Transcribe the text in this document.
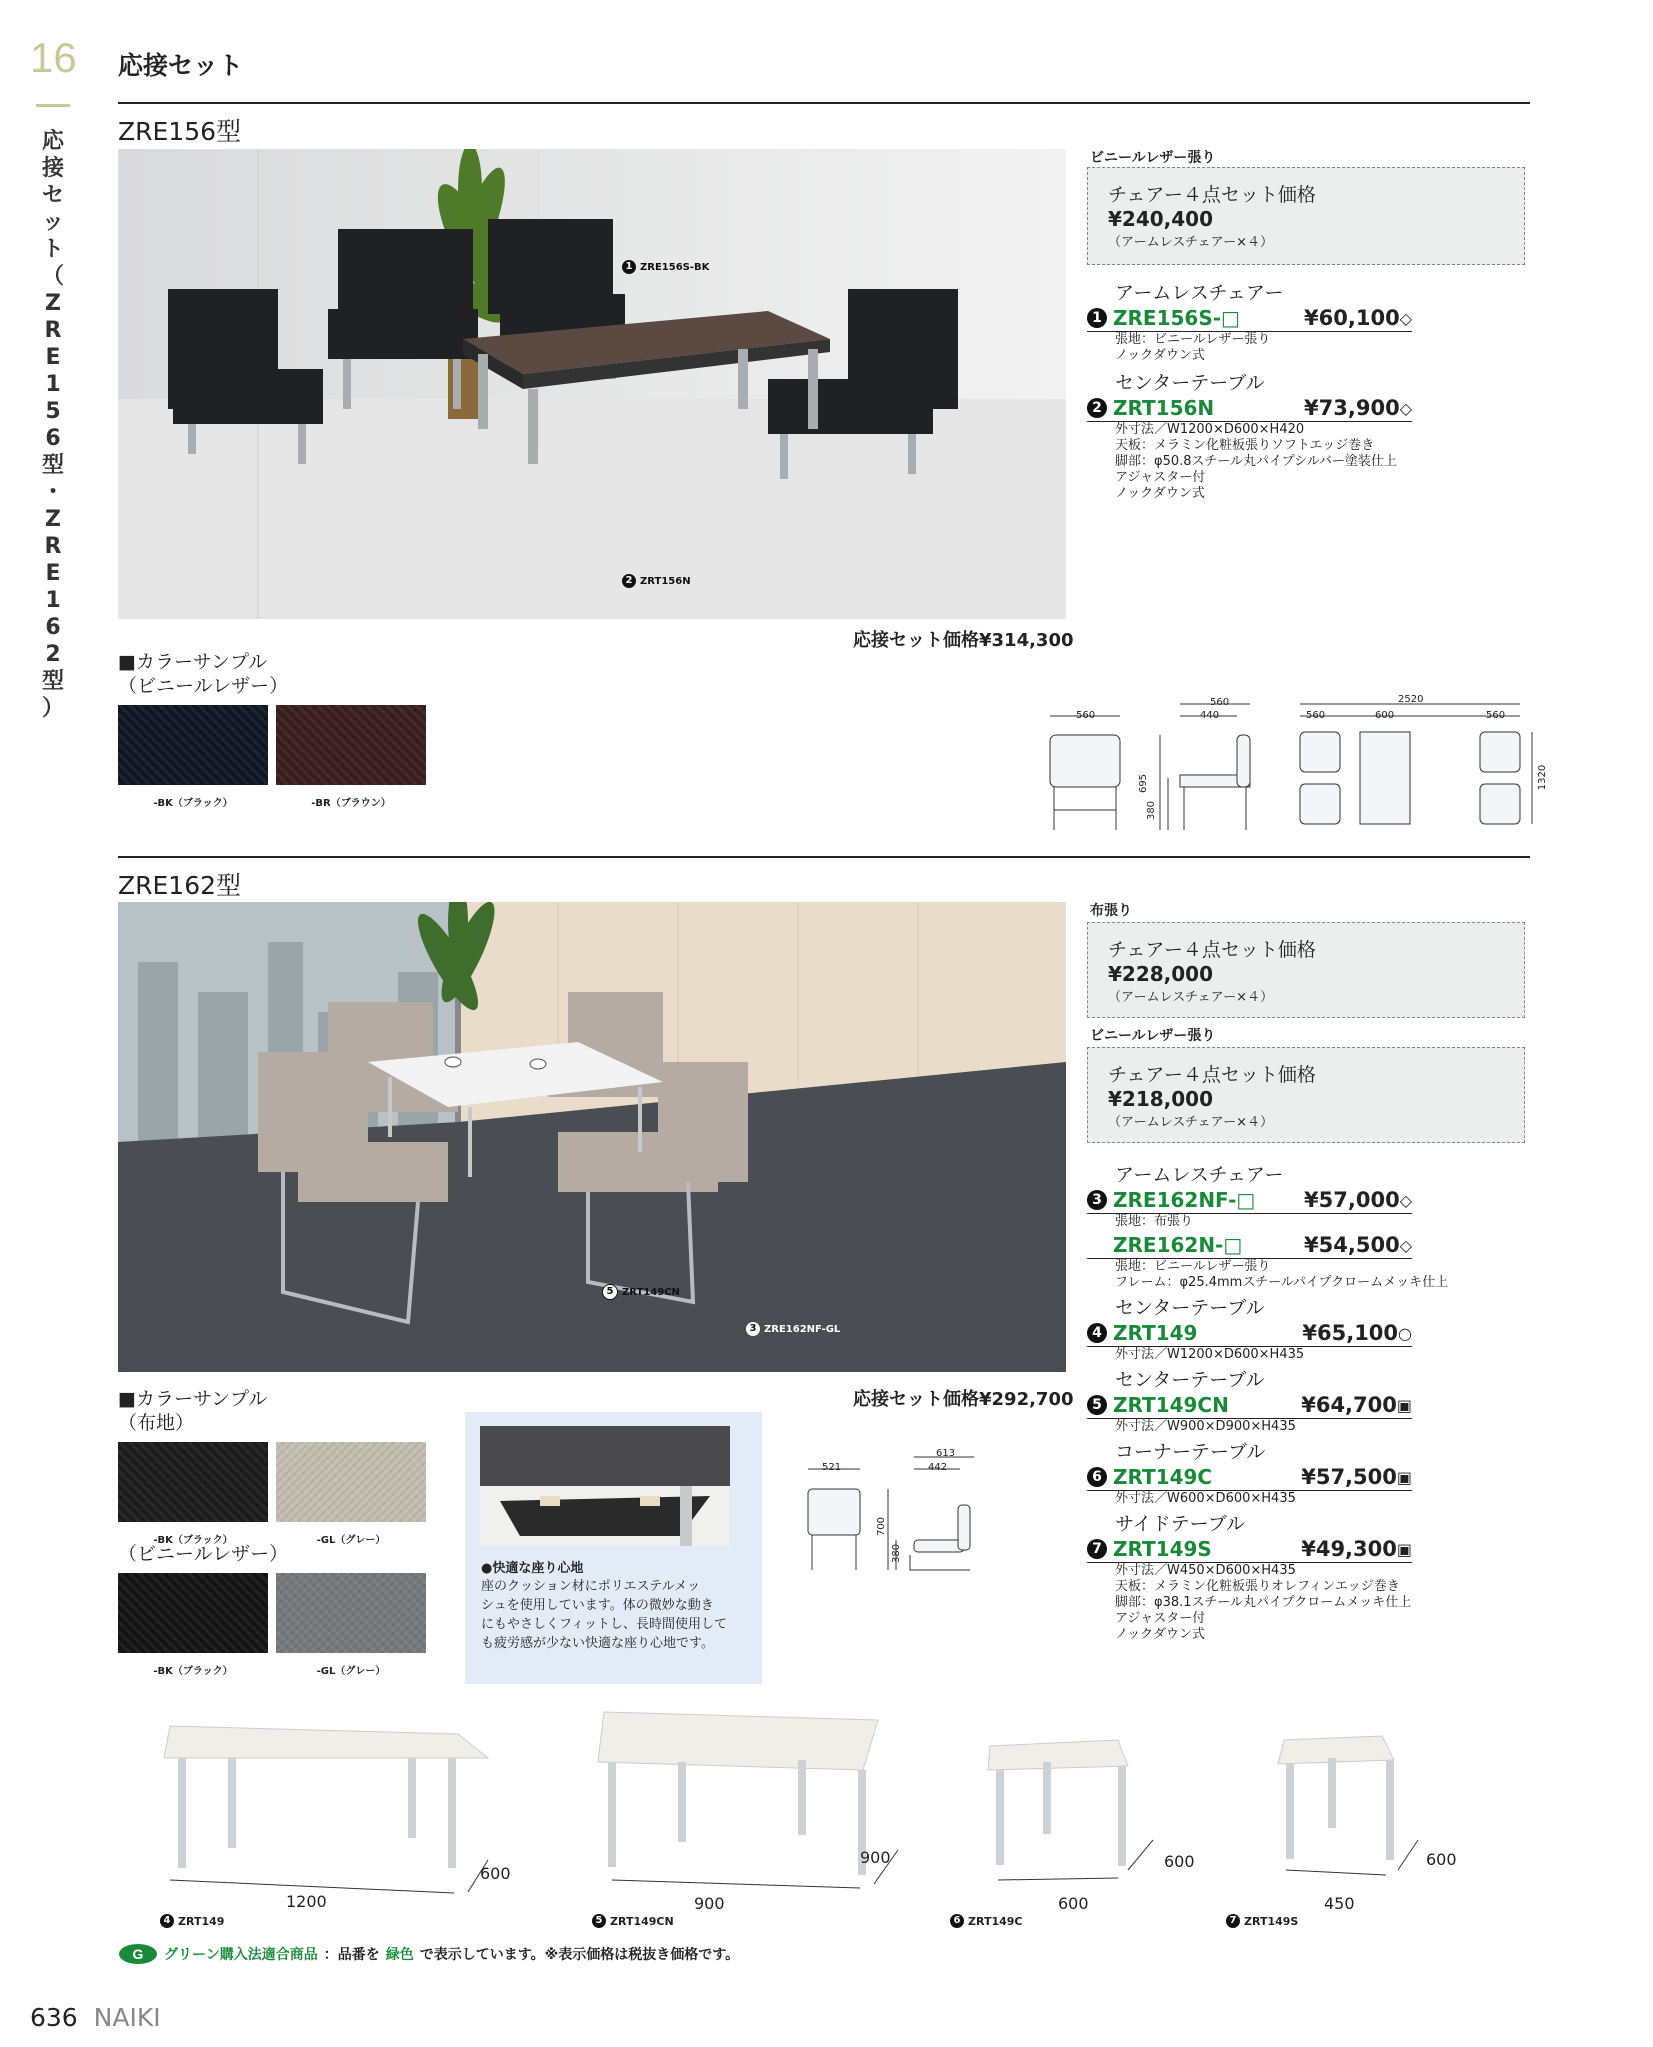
16 応接セット
応
接
セ
ッ
ト
（
Z
R
E
1
5
6
型
・
Z
R
E
1
6
2
型
）
ZRE156型
1 ZRE156S-BK
2 ZRT156N
応接セット価格¥314,300
ビニールレザー張り
チェアー４点セット価格
¥240,400
（アームレスチェアー×４）
アームレスチェアー
1 ZRE156S-□	¥60,100 ◇
張地：ビニールレザー張り
ノックダウン式
センターテーブル
2 ZRT156N	¥73,900 ◇
外寸法／W1200×D600×H420
天板：メラミン化粧板張りソフトエッジ巻き
脚部：φ50.8スチール丸パイプシルバー塗装仕上
アジャスター付
ノックダウン式
■カラーサンプル
（ビニールレザー）
-BK（ブラック）	-BR（ブラウン）
560
560
440
695
380
2520
560	600	560
1320
ZRE162型
5 ZRT149CN
3 ZRE162NF-GL
応接セット価格¥292,700
布張り
チェアー４点セット価格
¥228,000
（アームレスチェアー×４）
ビニールレザー張り
チェアー４点セット価格
¥218,000
（アームレスチェアー×４）
アームレスチェアー
3 ZRE162NF-□ ¥57,000 ◇
張地：布張り
ZRE162N-□	¥54,500 ◇
張地：ビニールレザー張り
フレーム：φ25.4mmスチールパイプクロームメッキ仕上
センターテーブル
4 ZRT149	¥65,100 ○
外寸法／W1200×D600×H435
センターテーブル
5 ZRT149CN	¥64,700 ▣
外寸法／W900×D900×H435
コーナーテーブル
6 ZRT149C	¥57,500 ▣
外寸法／W600×D600×H435
サイドテーブル
7 ZRT149S	¥49,300 ▣
外寸法／W450×D600×H435
天板：メラミン化粧板張りオレフィンエッジ巻き
脚部：φ38.1スチール丸パイプクロームメッキ仕上
アジャスター付
ノックダウン式
■カラーサンプル
（布地）
-BK（ブラック）	-GL（グレー）
（ビニールレザー）
-BK（ブラック）	-GL（グレー）
●快適な座り心地
座のクッション材にポリエステルメッ
シュを使用しています。体の微妙な動き
にもやさしくフィットし、長時間使用して
も疲労感が少ない快適な座り心地です。
521
613
442
700
380
1200
600
900
900
600
600
450
600
4 ZRT149	5 ZRT149CN	6 ZRT149C	7 ZRT149S
G グリーン購入法適合商品 ：品番を 緑色 で表示しています。※表示価格は税抜き価格です。
636 NAIKI
